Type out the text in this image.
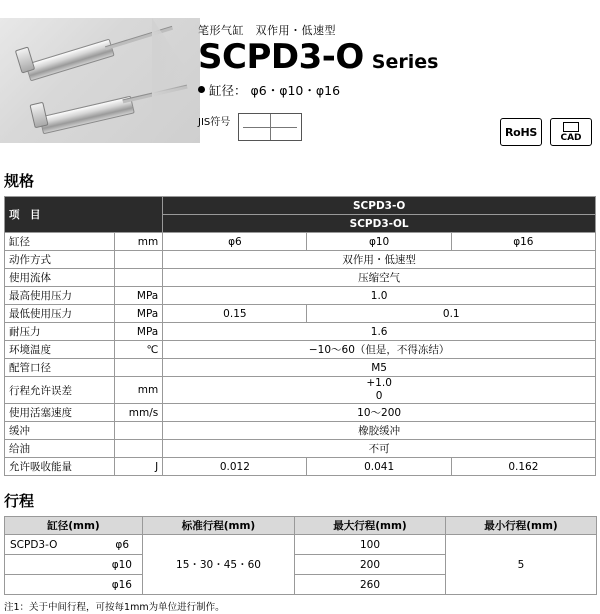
笔形气缸　双作用・低速型
SCPD3-O Series
缸径： φ6・φ10・φ16
JIS符号
RoHS	CAD
规格
项　目		SCPD3-O		
		SCPD3-OL		
缸径	mm	φ6	φ10	φ16
动作方式		双作用・低速型		
使用流体		压缩空气		
最高使用压力	MPa	1.0		
最低使用压力	MPa	0.15	0.1	
耐压力	MPa	1.6		
环境温度	℃	−10～60（但是，不得冻结）		
配管口径		M5		
行程允许误差	mm	+1.0		
		0		
使用活塞速度	mm/s	10～200		
缓冲		橡胶缓冲		
给油		不可		
允许吸收能量	J	0.012	0.041	0.162
行程
缸径(mm)	标准行程(mm)	最大行程(mm)	最小行程(mm)

SCPD3-O φ6	15・30・45・60	100	5
φ10		200	
φ16		260	
注1：关于中间行程，可按每1mm为单位进行制作。
